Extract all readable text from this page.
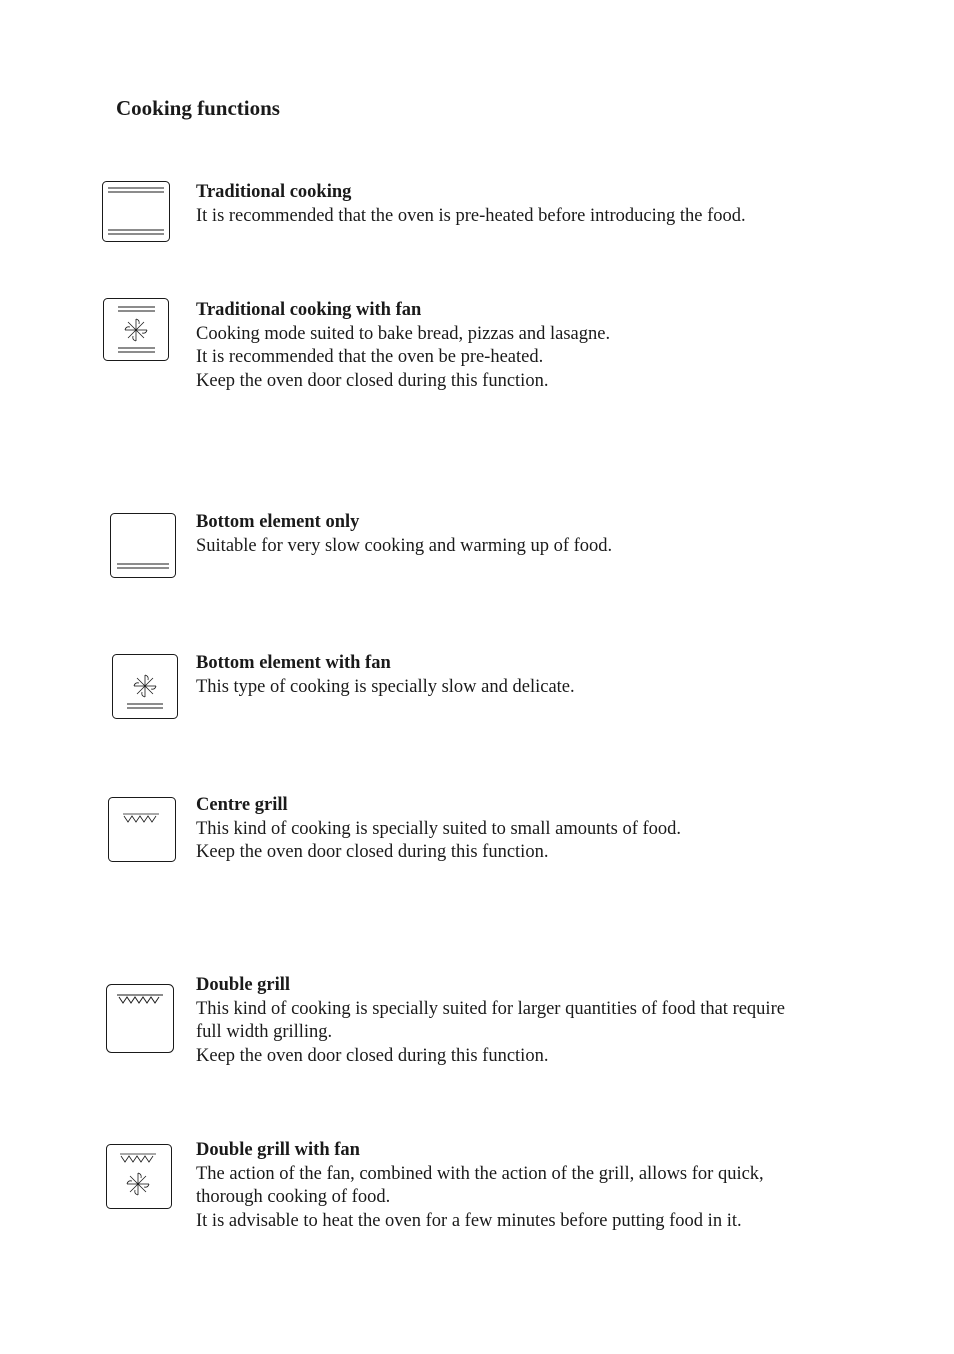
Cooking functions
Traditional cooking
It is recommended that the oven is pre-heated before introducing the food.
Traditional cooking with fan
Cooking mode suited to bake bread, pizzas and lasagne.
It is recommended that the oven be pre-heated.
Keep the oven door closed during this function.
Bottom element only
Suitable for very slow cooking and warming up of food.
Bottom element with fan
This type of cooking is specially slow and delicate.
Centre grill
This kind of cooking is specially suited to small amounts of food.
Keep the oven door closed during this function.
Double grill
This kind of cooking is specially suited for larger quantities of food that require
full width grilling.
Keep the oven door closed during this function.
Double grill with fan
The action of the fan, combined with the action of the grill, allows for quick,
thorough cooking of food.
It is advisable to heat the oven for a few minutes before putting food in it.
